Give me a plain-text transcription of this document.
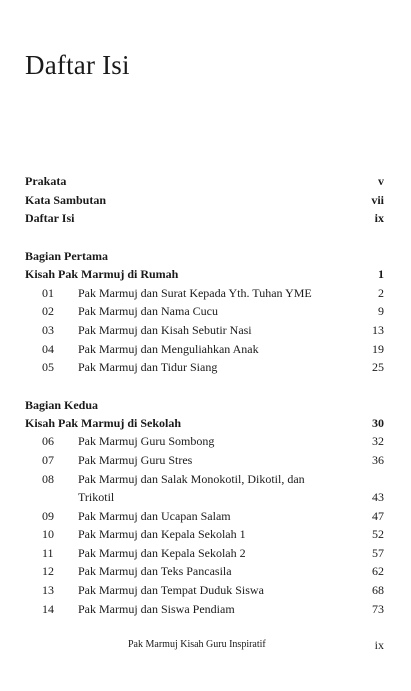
Daftar Isi
Prakata	v
Kata Sambutan	vii
Daftar Isi	ix
Bagian Pertama
Kisah Pak Marmuj di Rumah	1
01 Pak Marmuj dan Surat Kepada Yth. Tuhan YME	2
02 Pak Marmuj dan Nama Cucu	9
03 Pak Marmuj dan Kisah Sebutir Nasi	13
04 Pak Marmuj dan Menguliahkan Anak	19
05 Pak Marmuj dan Tidur Siang	25
Bagian Kedua
Kisah Pak Marmuj di Sekolah	30
06 Pak Marmuj Guru Sombong	32
07 Pak Marmuj Guru Stres	36
08 Pak Marmuj dan Salak Monokotil, Dikotil, dan
Trikotil	43
09 Pak Marmuj dan Ucapan Salam	47
10 Pak Marmuj dan Kepala Sekolah 1	52
11 Pak Marmuj dan Kepala Sekolah 2	57
12 Pak Marmuj dan Teks Pancasila	62
13 Pak Marmuj dan Tempat Duduk Siswa	68
14 Pak Marmuj dan Siswa Pendiam	73
Pak Marmuj Kisah Guru Inspiratif	ix
